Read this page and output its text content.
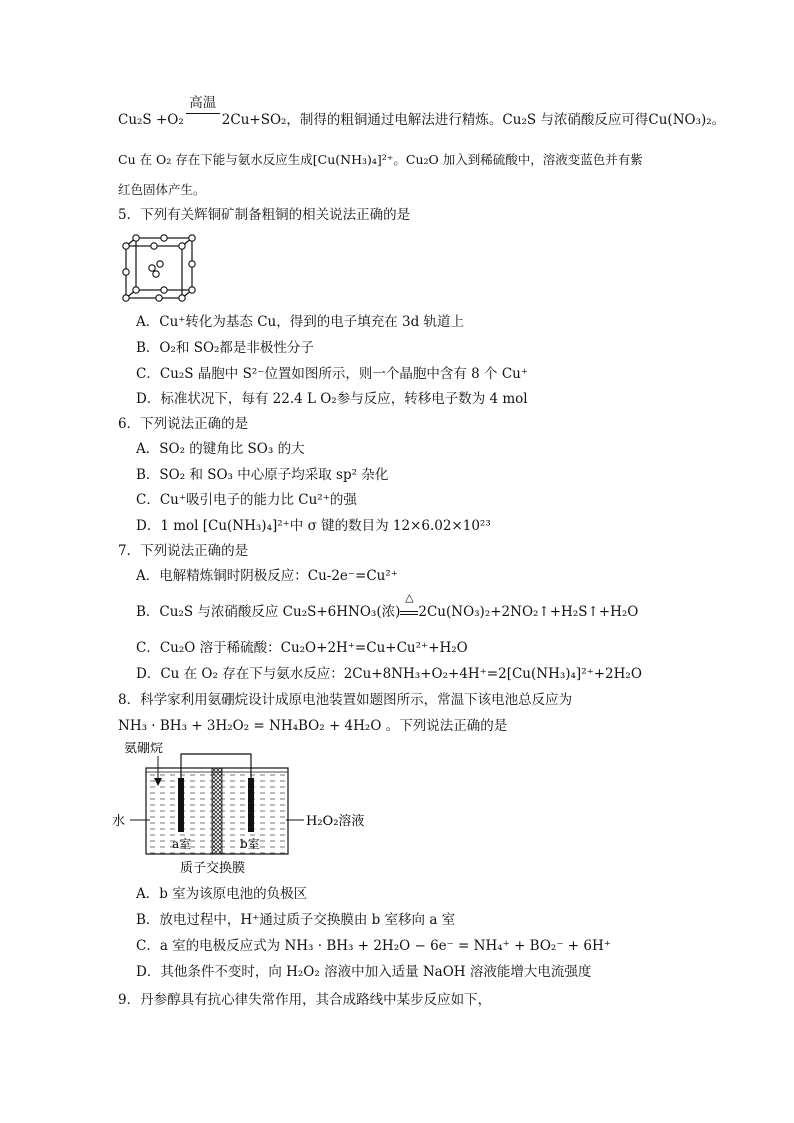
Cu₂S +O₂
高温
2Cu+SO₂，制得的粗铜通过电解法进行精炼。Cu₂S 与浓硝酸反应可得Cu(NO₃)₂。
Cu 在 O₂ 存在下能与氨水反应生成[Cu(NH₃)₄]²⁺。Cu₂O 加入到稀硫酸中，溶液变蓝色并有紫
红色固体产生。
5．下列有关辉铜矿制备粗铜的相关说法正确的是
A．Cu⁺转化为基态 Cu，得到的电子填充在 3d 轨道上
B．O₂和 SO₂都是非极性分子
C．Cu₂S 晶胞中 S²⁻位置如图所示，则一个晶胞中含有 8 个 Cu⁺
D．标准状况下，每有 22.4 L O₂参与反应，转移电子数为 4 mol
6．下列说法正确的是
A．SO₂ 的键角比 SO₃ 的大
B．SO₂ 和 SO₃ 中心原子均采取 sp² 杂化
C．Cu⁺吸引电子的能力比 Cu²⁺的强
D．1 mol [Cu(NH₃)₄]²⁺中 σ 键的数目为 12×6.02×10²³
7．下列说法正确的是
A．电解精炼铜时阴极反应：Cu-2e⁻=Cu²⁺
B．Cu₂S 与浓硝酸反应 Cu₂S+6HNO₃(浓)
△
2Cu(NO₃)₂+2NO₂↑+H₂S↑+H₂O
C．Cu₂O 溶于稀硫酸：Cu₂O+2H⁺=Cu+Cu²⁺+H₂O
D．Cu 在 O₂ 存在下与氨水反应：2Cu+8NH₃+O₂+4H⁺=2[Cu(NH₃)₄]²⁺+2H₂O
8．科学家利用氨硼烷设计成原电池装置如题图所示，常温下该电池总反应为
NH₃ · BH₃ + 3H₂O₂ = NH₄BO₂ + 4H₂O 。下列说法正确的是
氨硼烷
水	H₂O₂溶液
a室	b室
质子交换膜
A．b 室为该原电池的负极区
B．放电过程中，H⁺通过质子交换膜由 b 室移向 a 室
C．a 室的电极反应式为 NH₃ · BH₃ + 2H₂O − 6e⁻ = NH₄⁺ + BO₂⁻ + 6H⁺
D．其他条件不变时，向 H₂O₂ 溶液中加入适量 NaOH 溶液能增大电流强度
9．丹参醇具有抗心律失常作用，其合成路线中某步反应如下，
